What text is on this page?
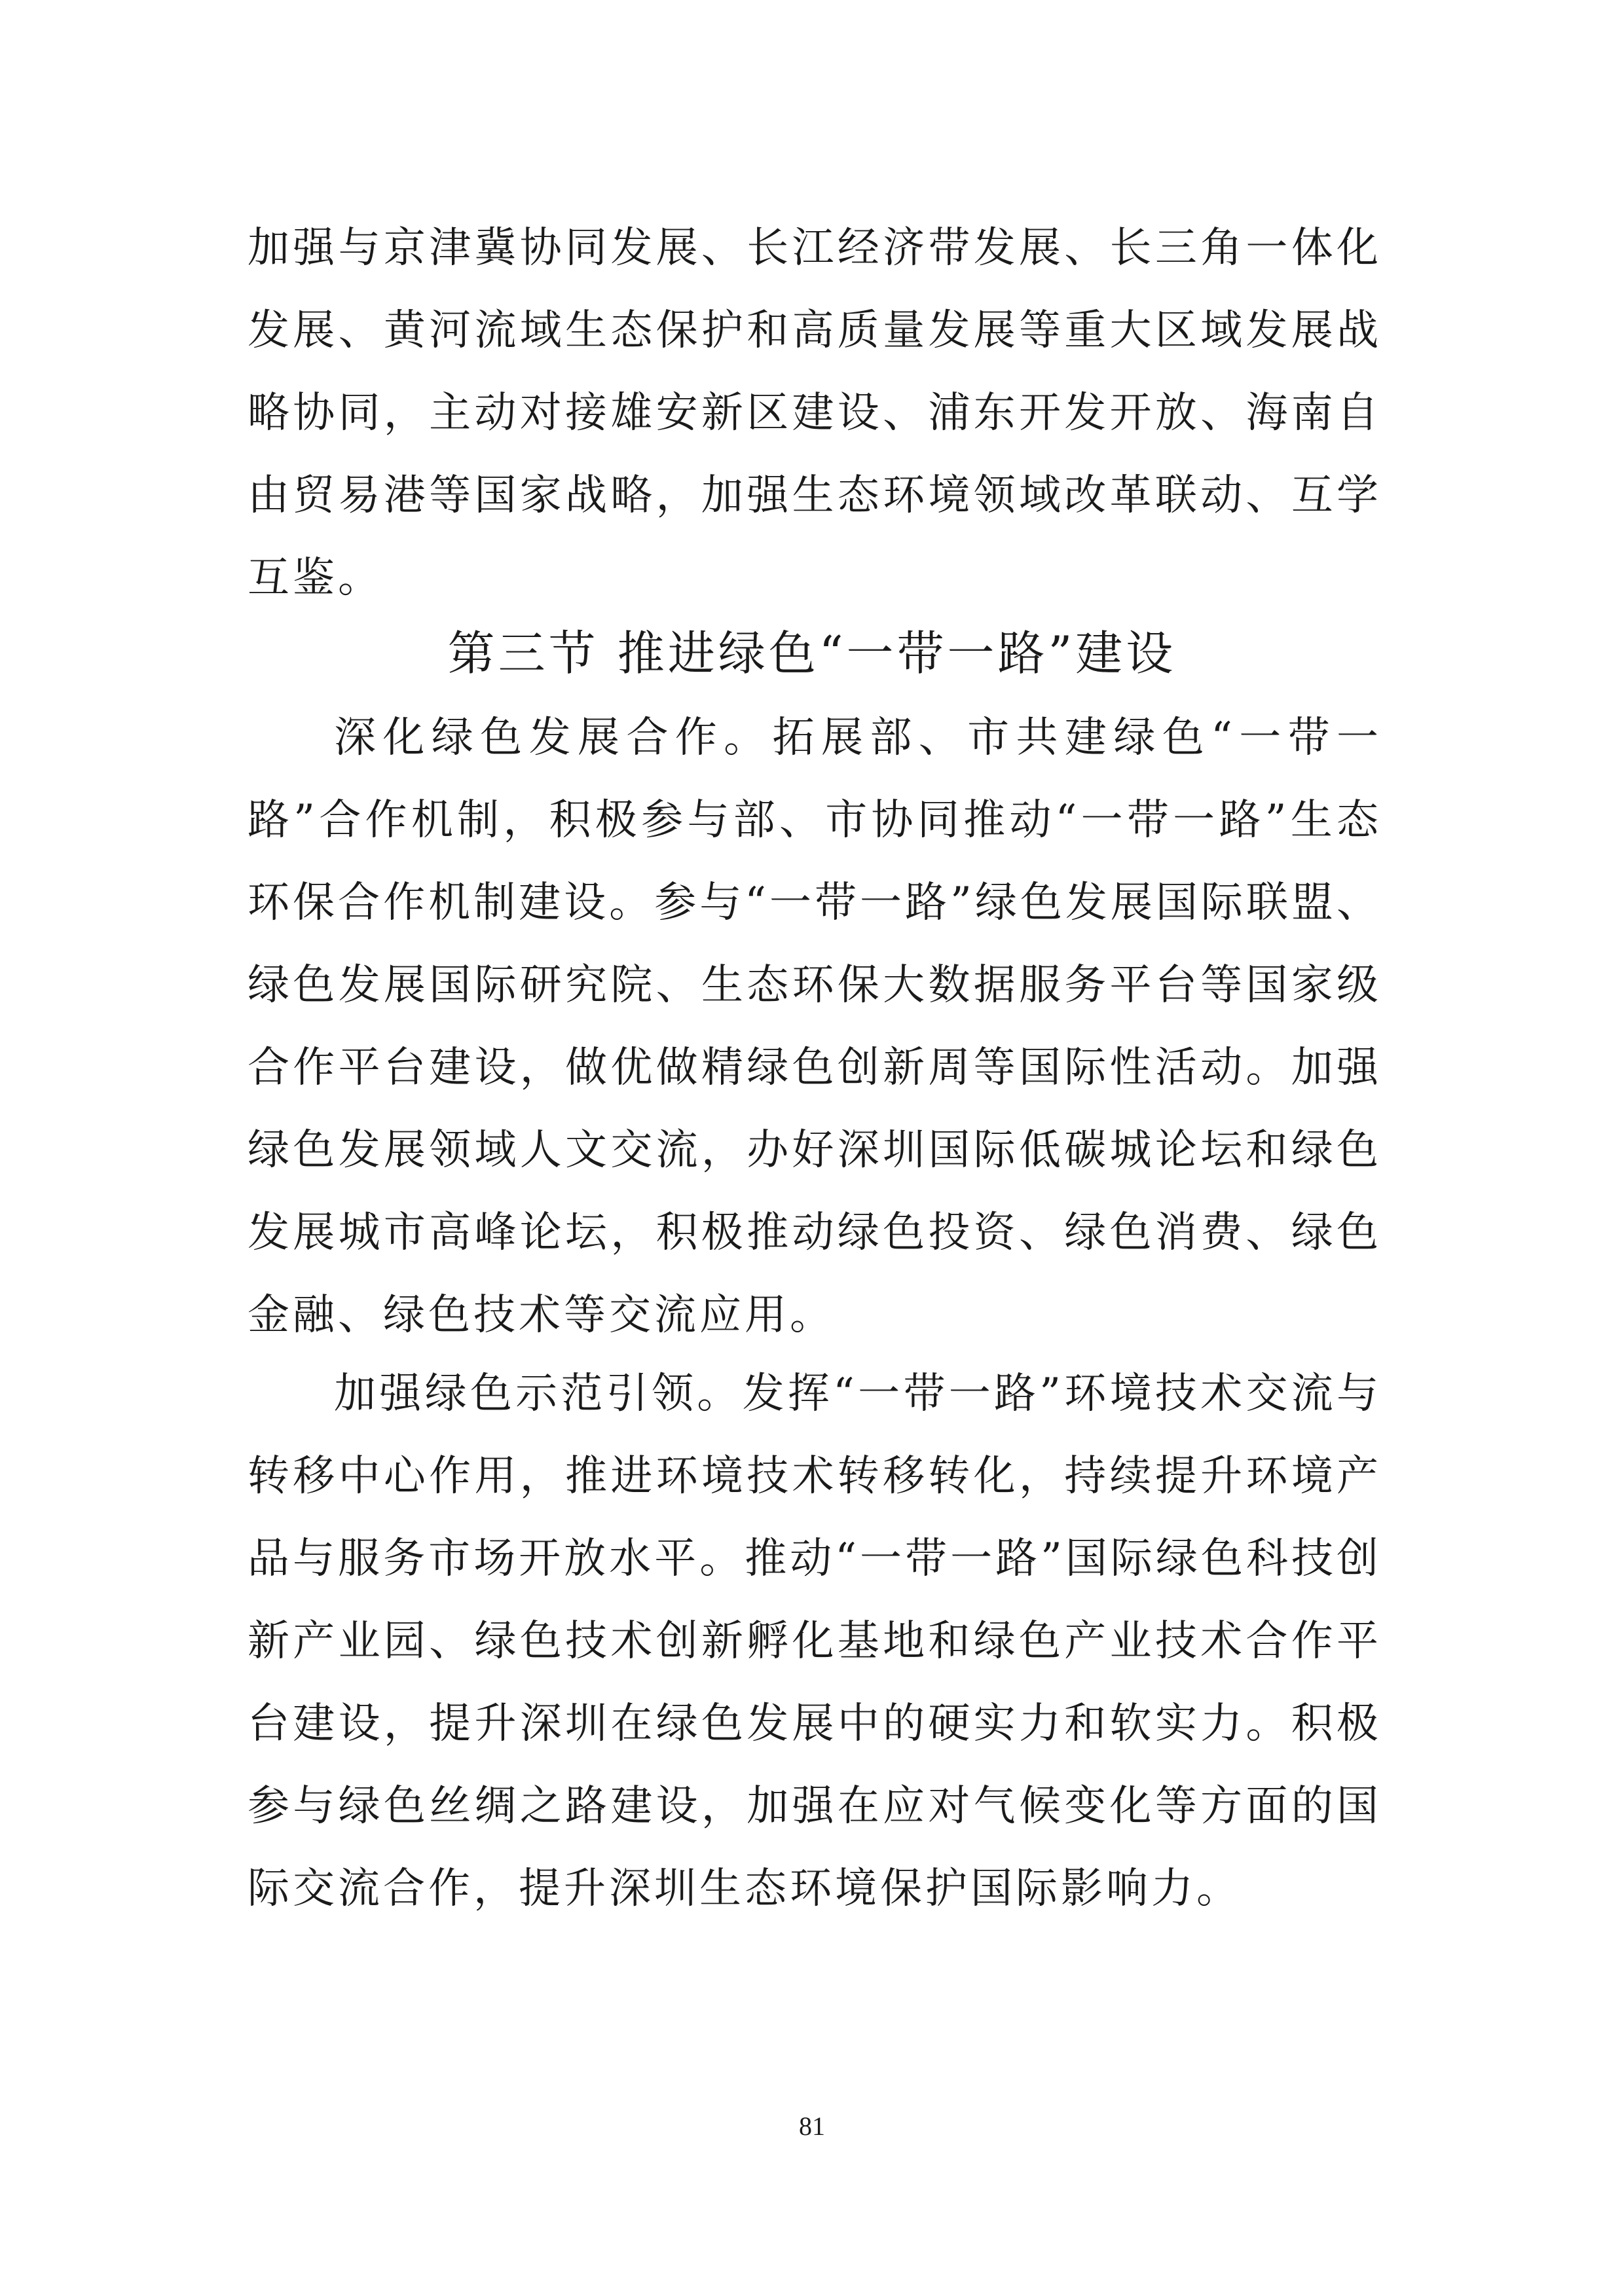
加强与京津冀协同发展、长江经济带发展、长三角一体化发展、黄河流域生态保护和高质量发展等重大区域发展战略协同，主动对接雄安新区建设、浦东开发开放、海南自由贸易港等国家战略，加强生态环境领域改革联动、互学互鉴。

第三节 推进绿色“一带一路”建设

深化绿色发展合作。拓展部、市共建绿色“一带一路”合作机制，积极参与部、市协同推动“一带一路”生态环保合作机制建设。参与“一带一路”绿色发展国际联盟、绿色发展国际研究院、生态环保大数据服务平台等国家级合作平台建设，做优做精绿色创新周等国际性活动。加强绿色发展领域人文交流，办好深圳国际低碳城论坛和绿色发展城市高峰论坛，积极推动绿色投资、绿色消费、绿色金融、绿色技术等交流应用。

加强绿色示范引领。发挥“一带一路”环境技术交流与转移中心作用，推进环境技术转移转化，持续提升环境产品与服务市场开放水平。推动“一带一路”国际绿色科技创新产业园、绿色技术创新孵化基地和绿色产业技术合作平台建设，提升深圳在绿色发展中的硬实力和软实力。积极参与绿色丝绸之路建设，加强在应对气候变化等方面的国际交流合作，提升深圳生态环境保护国际影响力。

81
